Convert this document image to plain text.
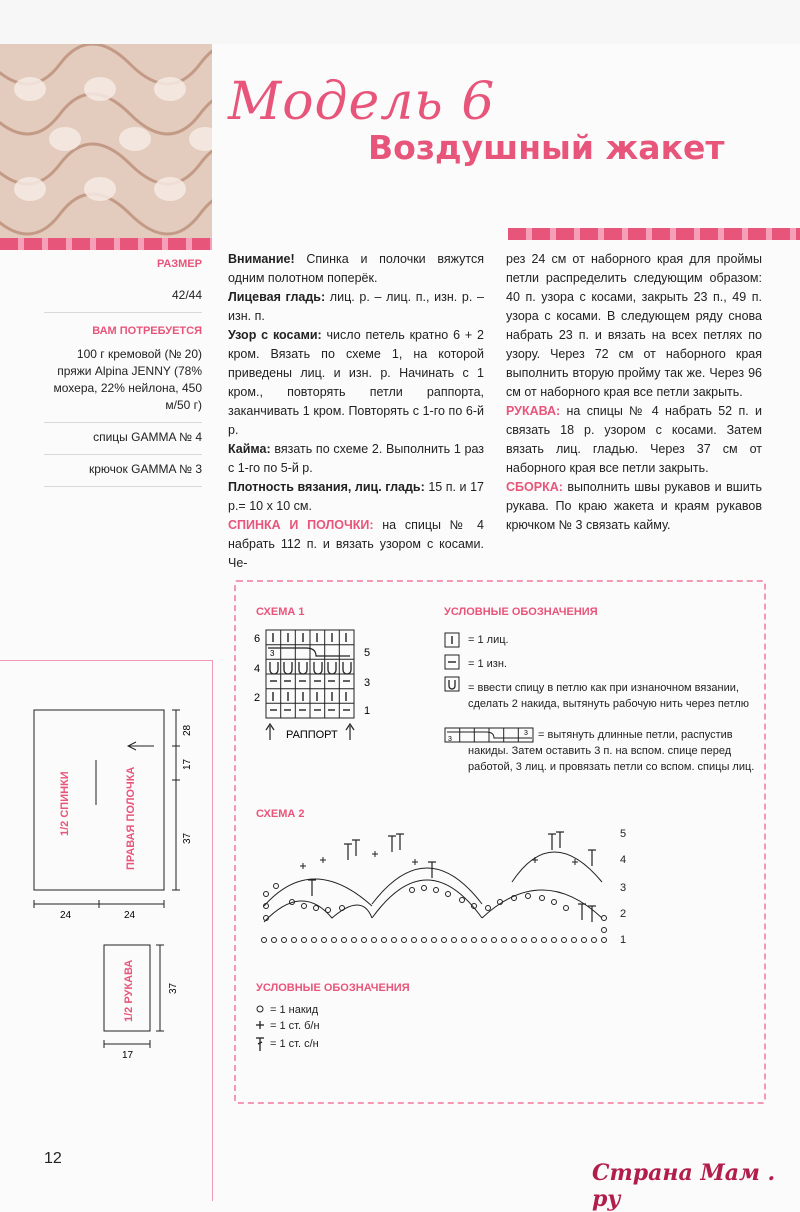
Модель 6
Воздушный жакет
РАЗМЕР
42/44
ВАМ ПОТРЕБУЕТСЯ
100 г кремовой (№ 20) пряжи Alpina JENNY (78% мохера, 22% нейлона, 450 м/50 г)
спицы GAMMA № 4
крючок GAMMA № 3
Внимание! Спинка и полочки вяжутся одним полотном поперёк.
Лицевая гладь: лиц. р. – лиц. п., изн. р. – изн. п.
Узор с косами: число петель кратно 6 + 2 кром. Вязать по схеме 1, на которой приведены лиц. и изн. р. Начинать с 1 кром., повторять петли раппорта, заканчивать 1 кром. Повторять с 1-го по 6-й р.
Кайма: вязать по схеме 2. Выполнить 1 раз с 1-го по 5-й р.
Плотность вязания, лиц. гладь: 15 п. и 17 р.= 10 x 10 см.
СПИНКА И ПОЛОЧКИ: на спицы № 4 набрать 112 п. и вязать узором с косами. Че-
рез 24 см от наборного края для проймы петли распределить следующим образом: 40 п. узора с косами, закрыть 23 п., 49 п. узора с косами. В следующем ряду снова набрать 23 п. и вязать на всех петлях по узору. Через 72 см от наборного края выполнить вторую пройму так же. Через 96 см от наборного края все петли закрыть.
РУКАВА: на спицы № 4 набрать 52 п. и связать 18 р. узором с косами. Затем вязать лиц. гладью. Через 37 см от наборного края все петли закрыть.
СБОРКА: выполнить швы рукавов и вшить рукава. По краю жакета и краям рукавов крючком № 3 связать кайму.
СХЕМА 1
3
6
4
2
5
3
1
РАППОРТ
УСЛОВНЫЕ ОБОЗНАЧЕНИЯ
= 1 лиц.
= 1 изн.
= ввести спицу в петлю как при изнаночном вязании, сделать 2 накида, вытянуть рабочую нить через петлю
3
3 = вытянуть длинные петли, распустив накиды. Затем оставить 3 п. на вспом. спице перед работой, 3 лиц. и провязать петли со вспом. спицы лиц.
СХЕМА 2
5
4
3
2
1
УСЛОВНЫЕ ОБОЗНАЧЕНИЯ
= 1 накид
= 1 ст. б/н
= 1 ст. с/н
1/2 СПИНКИ	ПРАВАЯ ПОЛОЧКА
28
17
37
24	24
1/2 РУКАВА	37
17
12
Страна Мам . ру
